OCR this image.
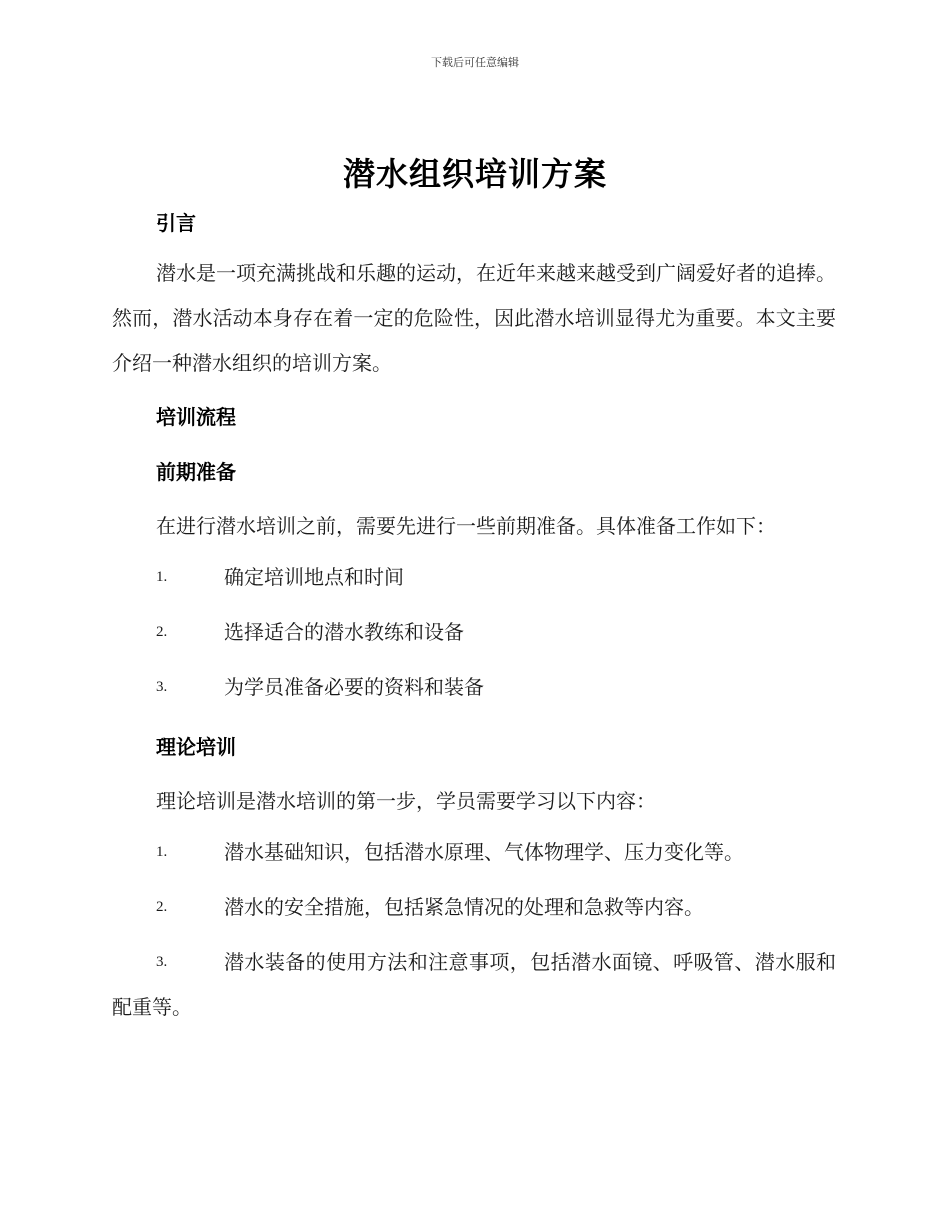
下载后可任意编辑
潜水组织培训方案
引言
潜水是一项充满挑战和乐趣的运动，在近年来越来越受到广阔爱好者的追捧。然而，潜水活动本身存在着一定的危险性，因此潜水培训显得尤为重要。本文主要介绍一种潜水组织的培训方案。
培训流程
前期准备
在进行潜水培训之前，需要先进行一些前期准备。具体准备工作如下：
1.	确定培训地点和时间
2.	选择适合的潜水教练和设备
3.	为学员准备必要的资料和装备
理论培训
理论培训是潜水培训的第一步，学员需要学习以下内容：
1.	潜水基础知识，包括潜水原理、气体物理学、压力变化等。
2.	潜水的安全措施，包括紧急情况的处理和急救等内容。
3.	潜水装备的使用方法和注意事项，包括潜水面镜、呼吸管、潜水服和配重等。
